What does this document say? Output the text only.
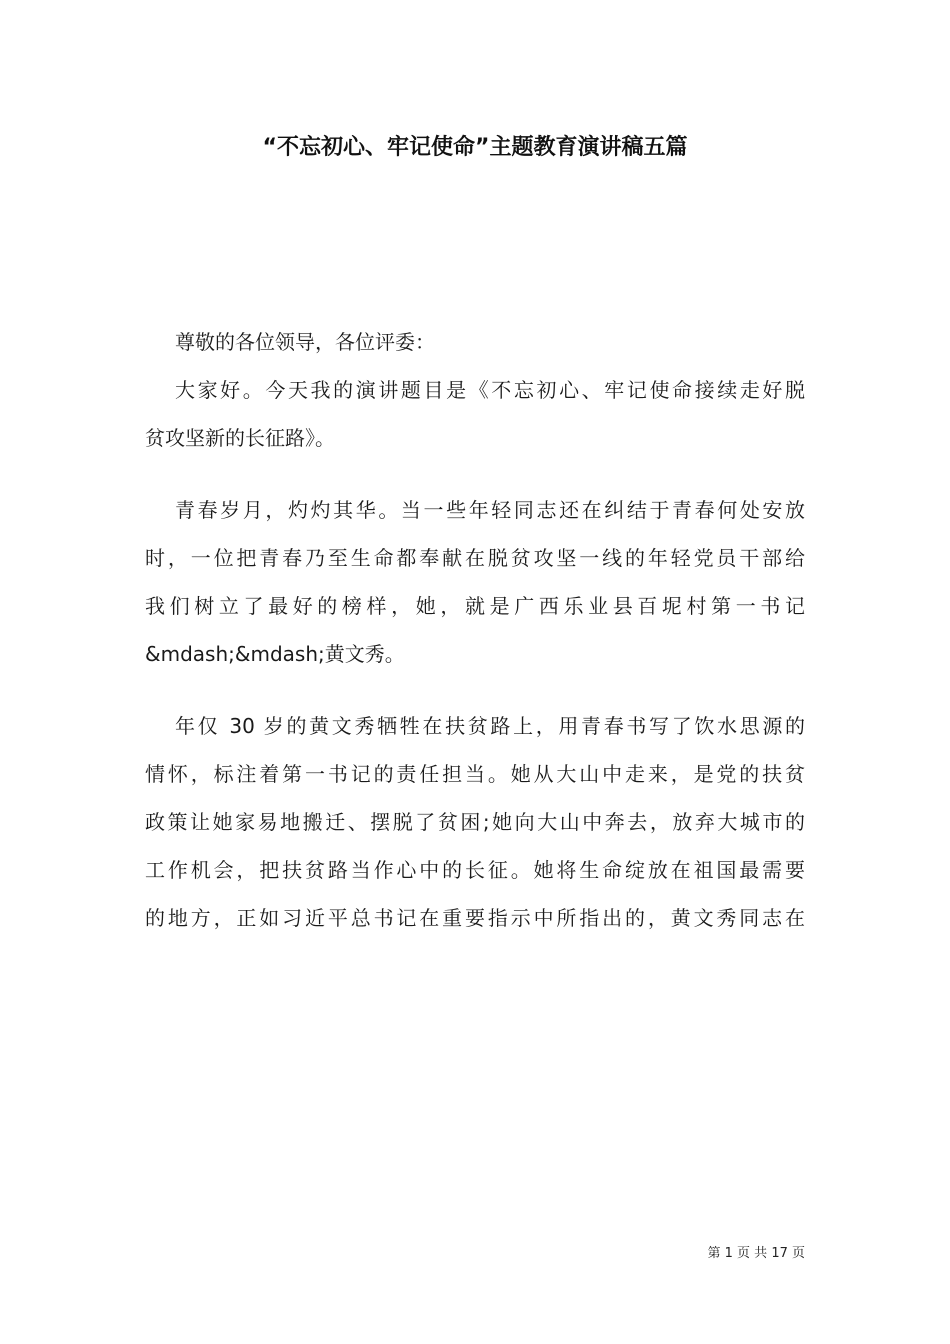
“不忘初心、牢记使命”主题教育演讲稿五篇
尊敬的各位领导，各位评委：
大家好。今天我的演讲题目是《不忘初心、牢记使命接续走好脱
贫攻坚新的长征路》。
青春岁月，灼灼其华。当一些年轻同志还在纠结于青春何处安放
时，一位把青春乃至生命都奉献在脱贫攻坚一线的年轻党员干部给
我们树立了最好的榜样，她，就是广西乐业县百坭村第一书记
&mdash;&mdash;黄文秀。
年仅 30 岁的黄文秀牺牲在扶贫路上，用青春书写了饮水思源的
情怀，标注着第一书记的责任担当。她从大山中走来，是党的扶贫
政策让她家易地搬迁、摆脱了贫困;她向大山中奔去，放弃大城市的
工作机会，把扶贫路当作心中的长征。她将生命绽放在祖国最需要
的地方，正如习近平总书记在重要指示中所指出的，黄文秀同志在
第 1 页 共 17 页
